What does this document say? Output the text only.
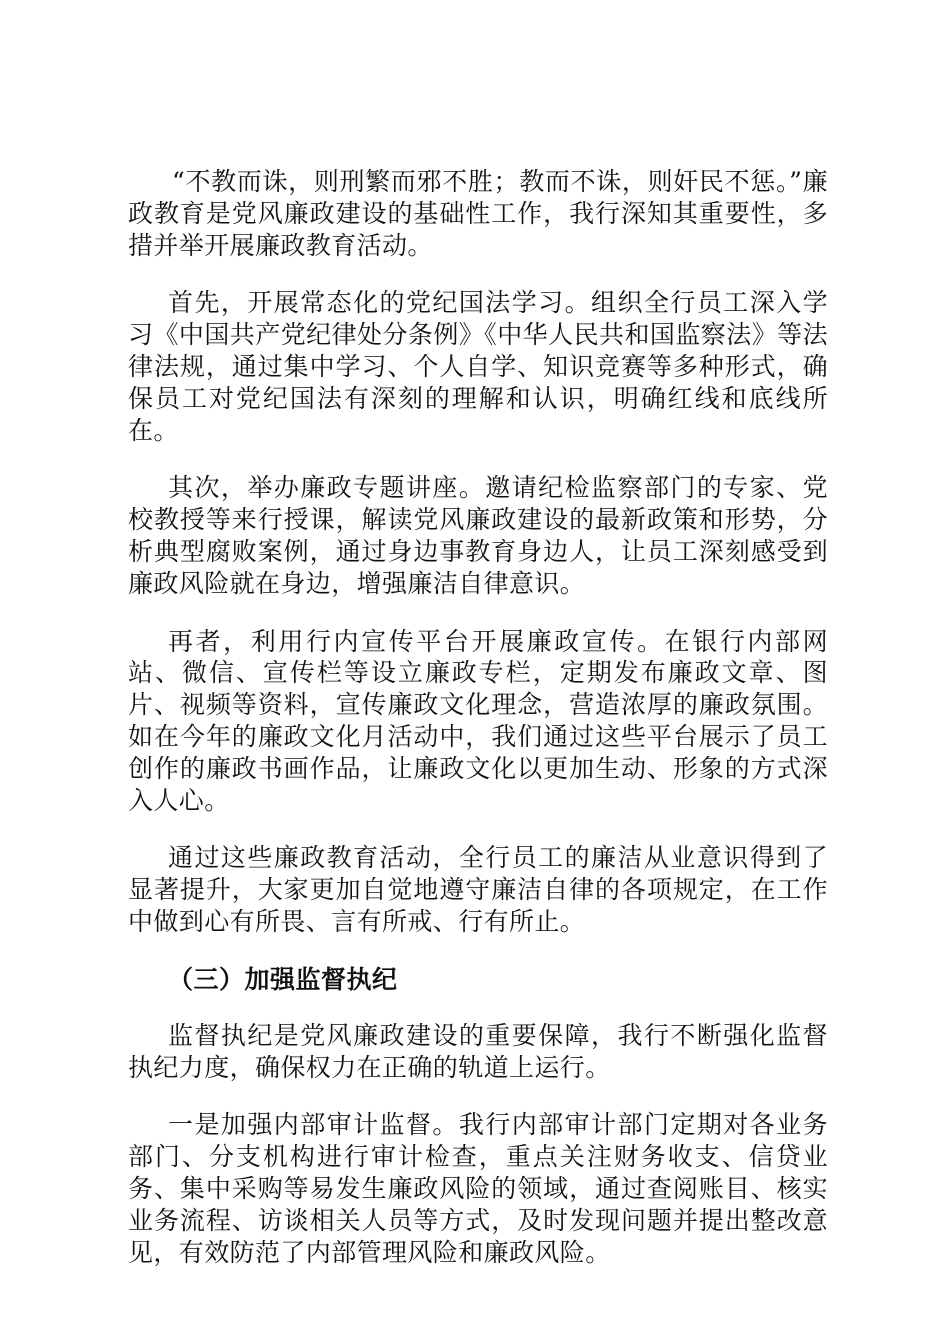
“不教而诛，则刑繁而邪不胜；教而不诛，则奸民不惩。”廉政教育是党风廉政建设的基础性工作，我行深知其重要性，多措并举开展廉政教育活动。

首先，开展常态化的党纪国法学习。组织全行员工深入学习《中国共产党纪律处分条例》《中华人民共和国监察法》等法律法规，通过集中学习、个人自学、知识竞赛等多种形式，确保员工对党纪国法有深刻的理解和认识，明确红线和底线所在。

其次，举办廉政专题讲座。邀请纪检监察部门的专家、党校教授等来行授课，解读党风廉政建设的最新政策和形势，分析典型腐败案例，通过身边事教育身边人，让员工深刻感受到廉政风险就在身边，增强廉洁自律意识。

再者，利用行内宣传平台开展廉政宣传。在银行内部网站、微信、宣传栏等设立廉政专栏，定期发布廉政文章、图片、视频等资料，宣传廉政文化理念，营造浓厚的廉政氛围。如在今年的廉政文化月活动中，我们通过这些平台展示了员工创作的廉政书画作品，让廉政文化以更加生动、形象的方式深入人心。

通过这些廉政教育活动，全行员工的廉洁从业意识得到了显著提升，大家更加自觉地遵守廉洁自律的各项规定，在工作中做到心有所畏、言有所戒、行有所止。

（三）加强监督执纪

监督执纪是党风廉政建设的重要保障，我行不断强化监督执纪力度，确保权力在正确的轨道上运行。

一是加强内部审计监督。我行内部审计部门定期对各业务部门、分支机构进行审计检查，重点关注财务收支、信贷业务、集中采购等易发生廉政风险的领域，通过查阅账目、核实业务流程、访谈相关人员等方式，及时发现问题并提出整改意见，有效防范了内部管理风险和廉政风险。
